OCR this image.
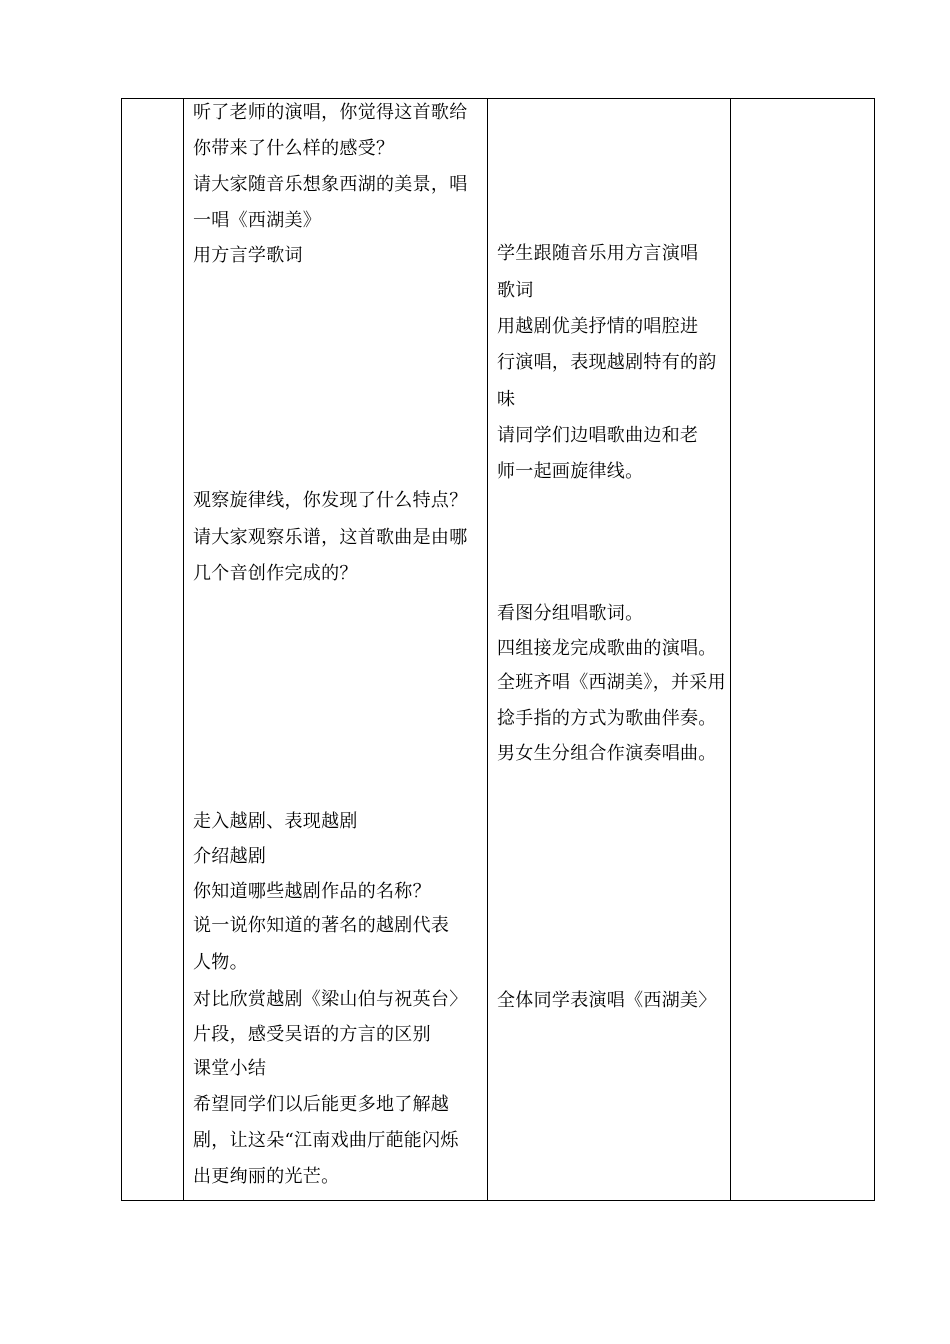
听了老师的演唱，你觉得这首歌给
你带来了什么样的感受？
请大家随音乐想象西湖的美景，唱
一唱《西湖美》
用方言学歌词
观察旋律线，你发现了什么特点？
请大家观察乐谱，这首歌曲是由哪
几个音创作完成的？
走入越剧、表现越剧
介绍越剧
你知道哪些越剧作品的名称？
说一说你知道的著名的越剧代表
人物。
对比欣赏越剧《梁山伯与祝英台〉
片段，感受吴语的方言的区别
课堂小结
希望同学们以后能更多地了解越
剧，让这朵“江南戏曲厅葩能闪烁
出更绚丽的光芒。
学生跟随音乐用方言演唱
歌词
用越剧优美抒情的唱腔进
行演唱，表现越剧特有的韵
味
请同学们边唱歌曲边和老
师一起画旋律线。
看图分组唱歌词。
四组接龙完成歌曲的演唱。
全班齐唱《西湖美》，并采用
捻手指的方式为歌曲伴奏。
男女生分组合作演奏唱曲。
全体同学表演唱《西湖美〉
